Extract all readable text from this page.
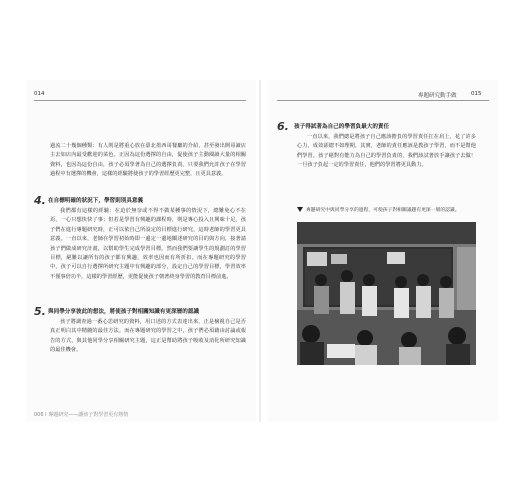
014
過流二十幾個種類：有人則是將重心放在臺北墨西哥餐廳的介紹，甚至發出開哥讀店主去如店內最受歡迎的菜色。正因為這份選擇的自由，促使孩子主動閱讀大量的相關資料，也因為這份自由，孩子必須學著為自己的選擇負責。只要我們允許孩子在學習過程中有選擇的機會，這樣的經驗將使孩子的學習經歷更完整，且更具意義。
4. 在自標明確的狀況下，學習則別具意義
我們都有這樣的經驗：在迫於無奈或不得不做某種事的情況下，總難免心不在焉，一心只想快快了事；但若是學習有興趣的課程時，則是專心投入且興味十足。孩子們在進行專題研究時，正可以依自己所設定的目標進行研究，這時老師的學習更具意義。一直以來，老師在學習初始時即一邊定一邊地闡述研究的目的與方向，接著請孩子們做成研究計畫，以幫助學生完成學習目標。然而我們要讓學生的規劃訂的學習目標，絕難以讓所有的孩子都有興趣，效率也因而有所折扣。而在專題研究的學習中，孩子可以自行選擇所研究主題中有興趣的部分，設定自己的學習目標，學習效率不僅事倍功半，這樣的學習經歷，更能促使孩子朝著終身學習的教育目標前進。
5. 與同學分享彼此的想法，將使孩子對相關知識有更深層的認識
孩子將調查過一番心思研究的資料，用口述的方式表達出來，正是檢視自己是否真正明白其中精髓的最佳方法。而在專題研究的學習之中，孩子們必須藉由討論或報告的方式，與其他同學分享相關研究主題，這正是幫助將孩子吸收及消化所研究知識的最佳機會。
006 I 專題研究——讓孩子對學習更有熱情
專題研究動手做	015
6. 孩子得試著為自己的學習負最大的責任
一直以來，我們總是將孩子自己應該擔負的學習責任扛在肩上，花了許多心力，成效卻總不如理期。其實，老師的責任應該是教孩子學習，而不是幫他們學習。孩子絕對有能力為自己的學習負責的，我們該試著放手讓孩子去做！一旦孩子負起一定的學習責任，他們的學習將更具動力。
專題研究中與同學分享的過程，可使孩子對相關議題有更深一層的認識。
